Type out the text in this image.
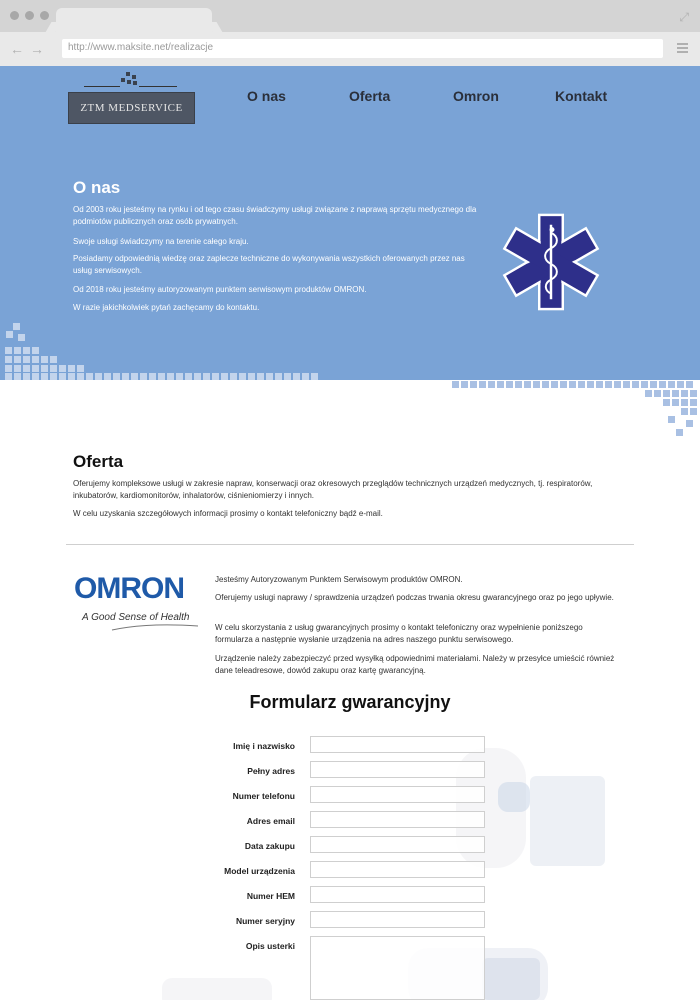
⤢
← →	http://www.maksite.net/realizacje
ZTM MEDSERVICE
O nas	Oferta	Omron	Kontakt
O nas
Od 2003 roku jesteśmy na rynku i od tego czasu świadczymy usługi związane z naprawą sprzętu medycznego dla podmiotów publicznych oraz osób prywatnych.
Swoje usługi świadczymy na terenie całego kraju.
Posiadamy odpowiednią wiedzę oraz zaplecze techniczne do wykonywania wszystkich oferowanych przez nas usług serwisowych.
Od 2018 roku jesteśmy autoryzowanym punktem serwisowym produktów OMRON.
W razie jakichkolwiek pytań zachęcamy do kontaktu.
Oferta
Oferujemy kompleksowe usługi w zakresie napraw, konserwacji oraz okresowych przeglądów technicznych urządzeń medycznych, tj. respiratorów, inkubatorów, kardiomonitorów, inhalatorów, ciśnieniomierzy i innych.
W celu uzyskania szczegółowych informacji prosimy o kontakt telefoniczny bądź e-mail.
OMRON
A Good Sense of Health
Jesteśmy Autoryzowanym Punktem Serwisowym produktów OMRON.
Oferujemy usługi naprawy / sprawdzenia urządzeń podczas trwania okresu gwarancyjnego oraz po jego upływie.
W celu skorzystania z usług gwarancyjnych prosimy o kontakt telefoniczny oraz wypełnienie poniższego formularza a następnie wysłanie urządzenia na adres naszego punktu serwisowego.
Urządzenie należy zabezpieczyć przed wysyłką odpowiednimi materiałami. Należy w przesyłce umieścić również dane teleadresowe, dowód zakupu oraz kartę gwarancyjną.
Formularz gwarancyjny
Imię i nazwisko
Pełny adres
Numer telefonu
Adres email
Data zakupu
Model urządzenia
Numer HEM
Numer seryjny
Opis usterki
